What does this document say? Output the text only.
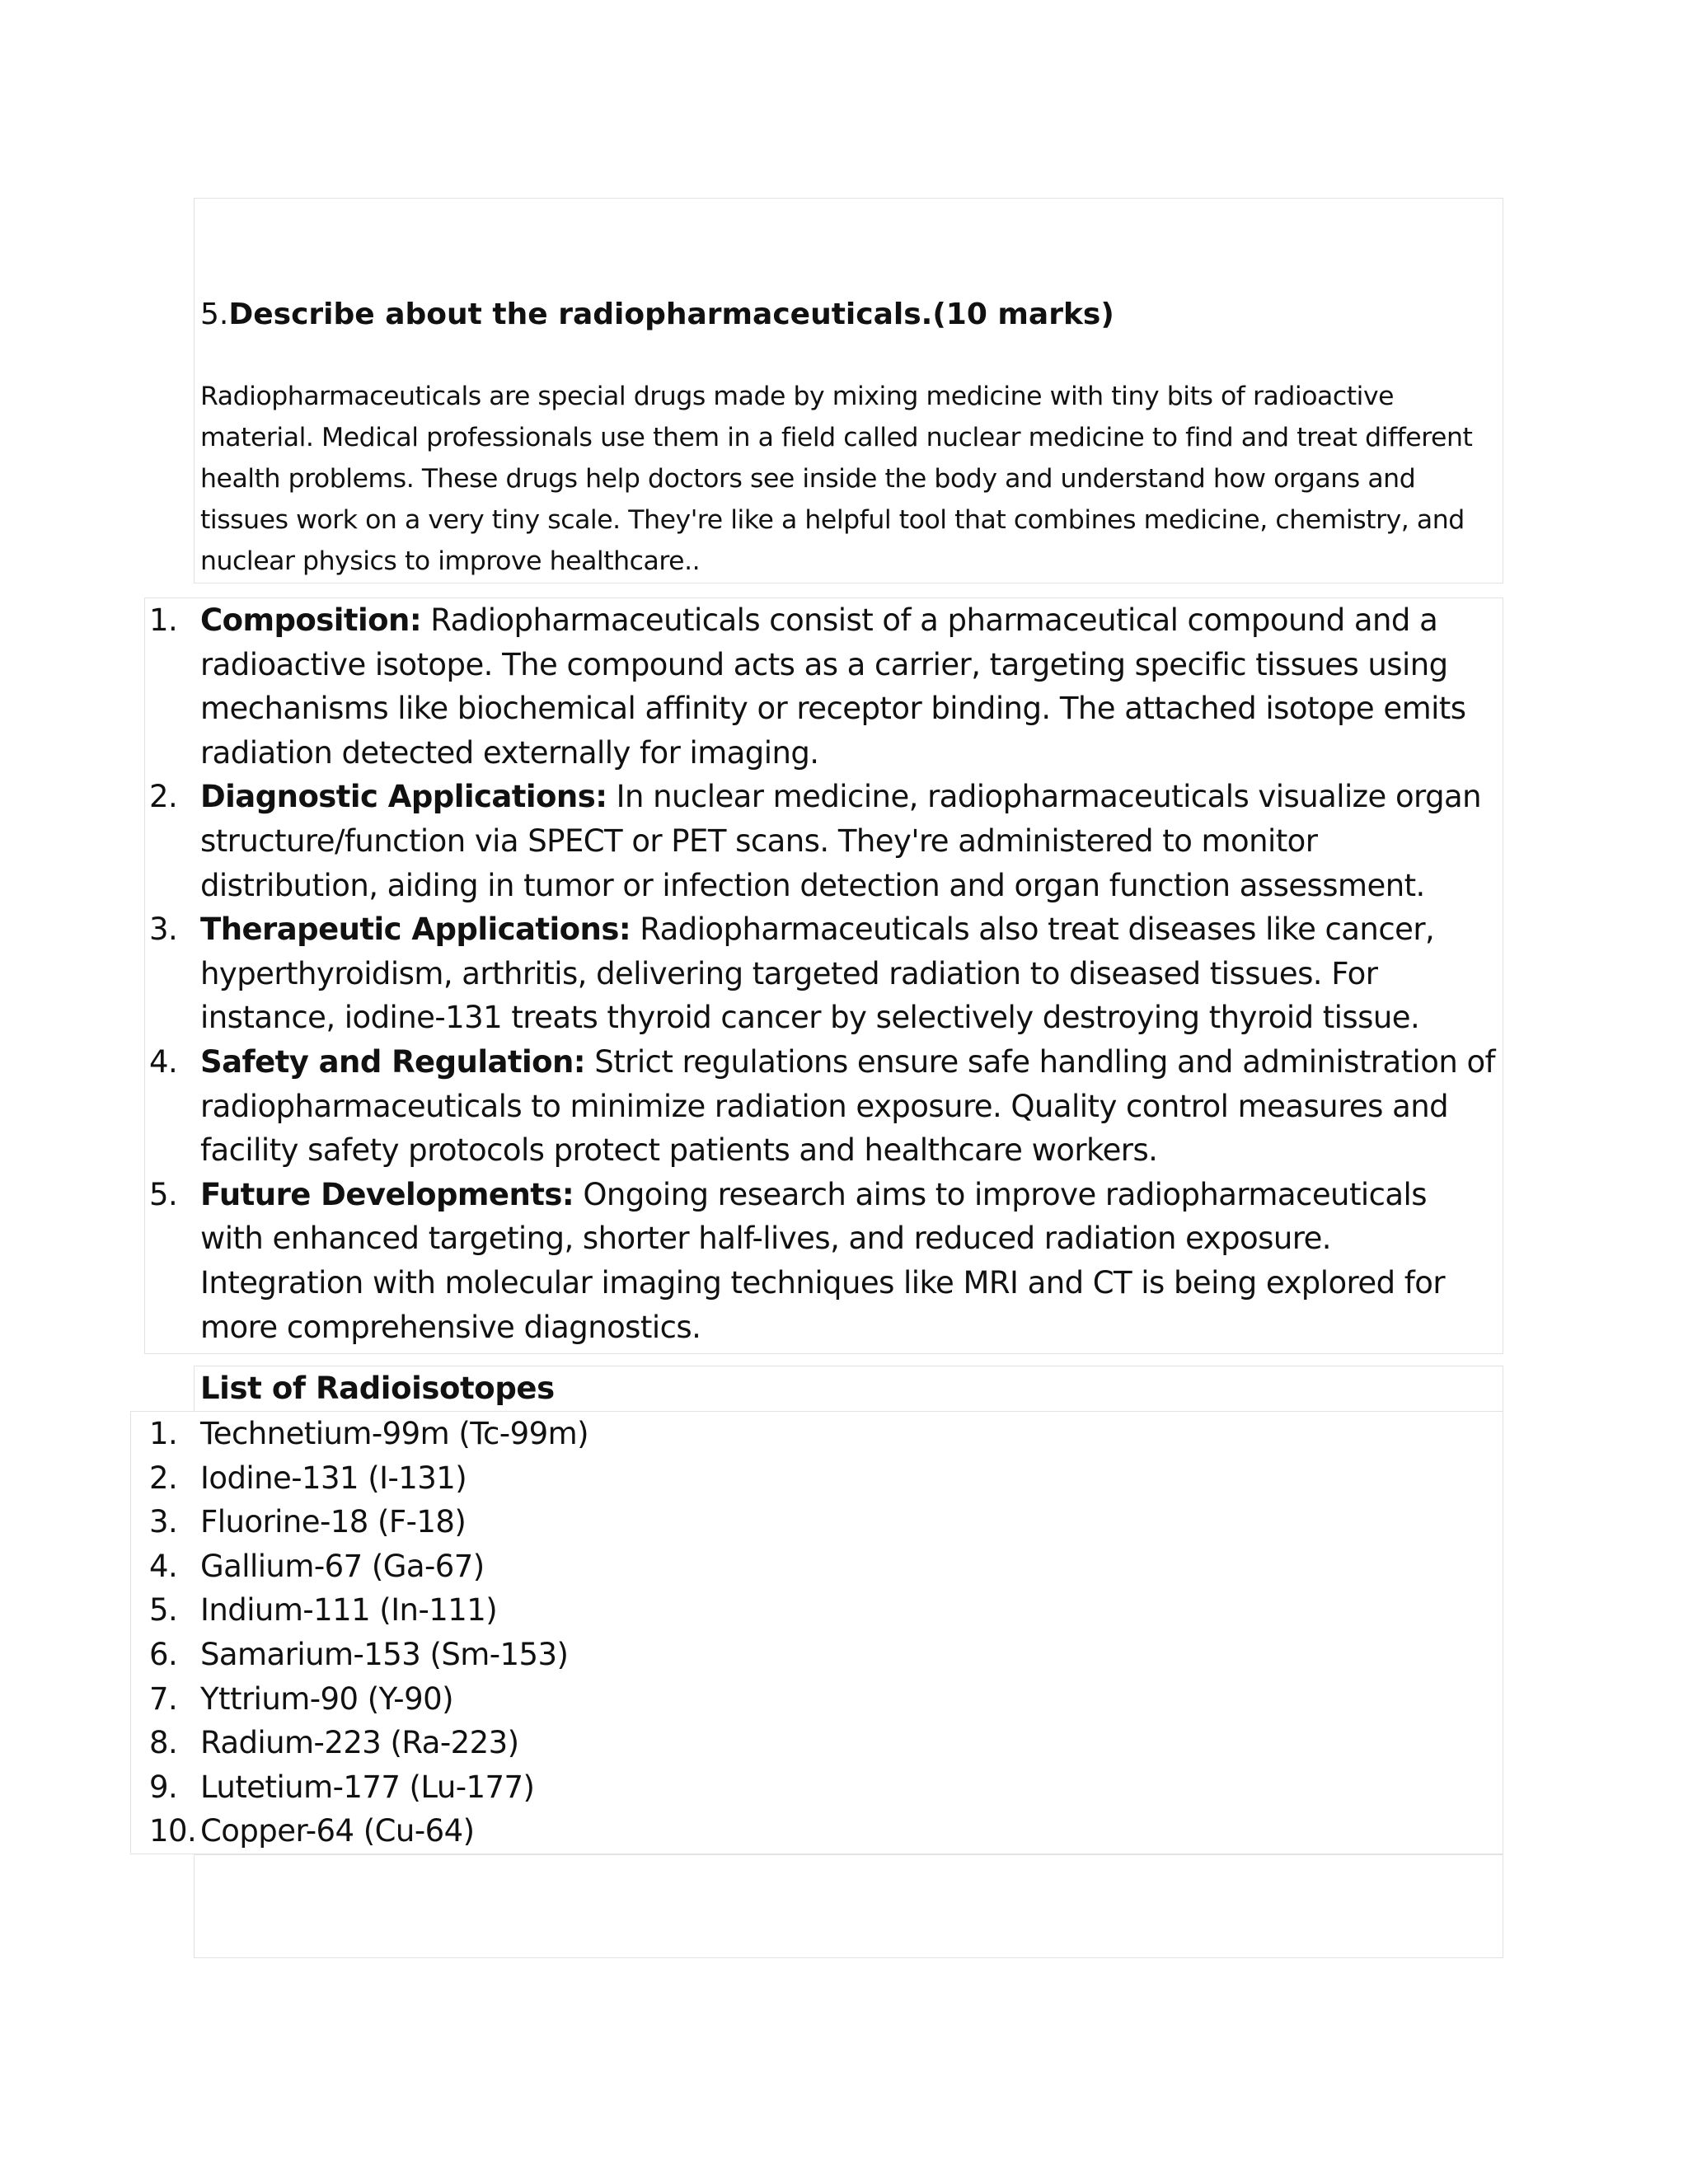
5.Describe about the radiopharmaceuticals.(10 marks)

Radiopharmaceuticals are special drugs made by mixing medicine with tiny bits of radioactive material. Medical professionals use them in a field called nuclear medicine to find and treat different health problems. These drugs help doctors see inside the body and understand how organs and tissues work on a very tiny scale. They're like a helpful tool that combines medicine, chemistry, and nuclear physics to improve healthcare..

1. Composition: Radiopharmaceuticals consist of a pharmaceutical compound and a radioactive isotope. The compound acts as a carrier, targeting specific tissues using mechanisms like biochemical affinity or receptor binding. The attached isotope emits radiation detected externally for imaging.
2. Diagnostic Applications: In nuclear medicine, radiopharmaceuticals visualize organ structure/function via SPECT or PET scans. They're administered to monitor distribution, aiding in tumor or infection detection and organ function assessment.
3. Therapeutic Applications: Radiopharmaceuticals also treat diseases like cancer, hyperthyroidism, arthritis, delivering targeted radiation to diseased tissues. For instance, iodine-131 treats thyroid cancer by selectively destroying thyroid tissue.
4. Safety and Regulation: Strict regulations ensure safe handling and administration of radiopharmaceuticals to minimize radiation exposure. Quality control measures and facility safety protocols protect patients and healthcare workers.
5. Future Developments: Ongoing research aims to improve radiopharmaceuticals with enhanced targeting, shorter half-lives, and reduced radiation exposure. Integration with molecular imaging techniques like MRI and CT is being explored for more comprehensive diagnostics.
List of Radioisotopes
1. Technetium-99m (Tc-99m)
2. Iodine-131 (I-131)
3. Fluorine-18 (F-18)
4. Gallium-67 (Ga-67)
5. Indium-111 (In-111)
6. Samarium-153 (Sm-153)
7. Yttrium-90 (Y-90)
8. Radium-223 (Ra-223)
9. Lutetium-177 (Lu-177)
10. Copper-64 (Cu-64)
